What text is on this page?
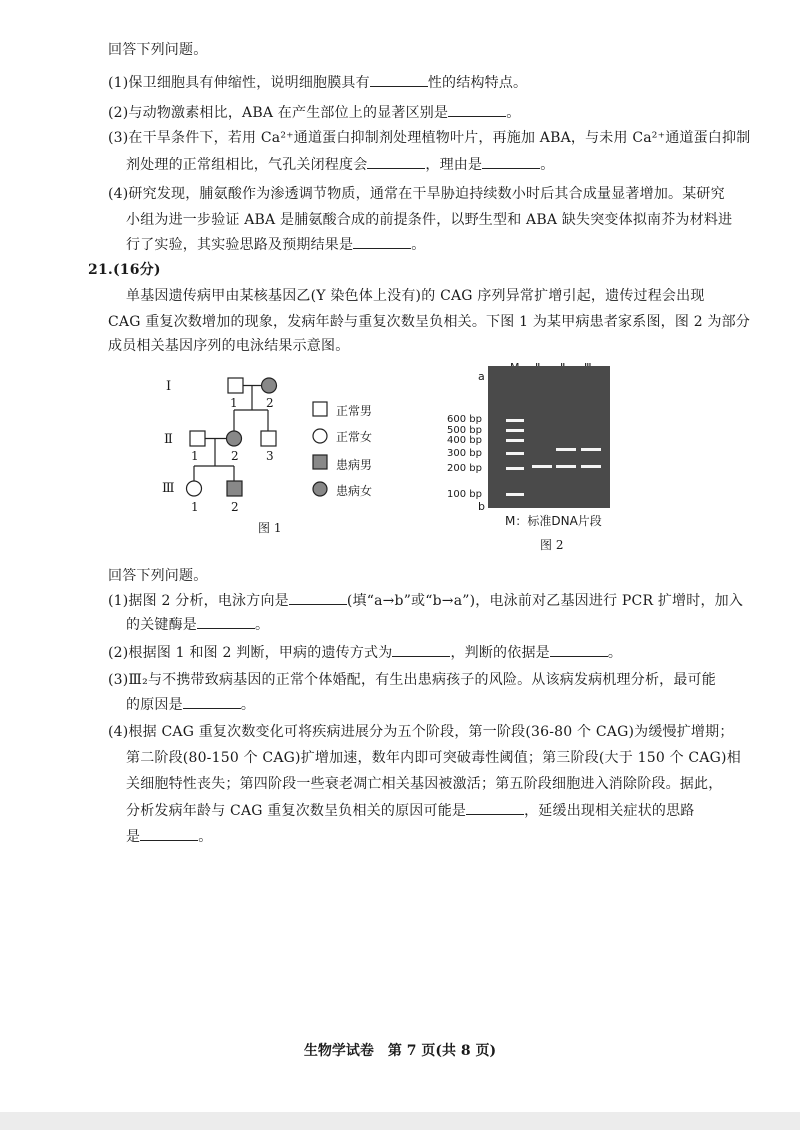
回答下列问题。
(1)保卫细胞具有伸缩性，说明细胞膜具有	性的结构特点。
(2)与动物激素相比，ABA 在产生部位上的显著区别是	。
(3)在干旱条件下，若用 Ca²⁺通道蛋白抑制剂处理植物叶片，再施加 ABA，与未用 Ca²⁺通道蛋白抑制
剂处理的正常组相比，气孔关闭程度会	，理由是	。
(4)研究发现，脯氨酸作为渗透调节物质，通常在干旱胁迫持续数小时后其合成量显著增加。某研究
小组为进一步验证 ABA 是脯氨酸合成的前提条件，以野生型和 ABA 缺失突变体拟南芥为材料进
行了实验，其实验思路及预期结果是	。
21.(16分)
单基因遗传病甲由某核基因乙(Y 染色体上没有)的 CAG 序列异常扩增引起，遗传过程会出现
CAG 重复次数增加的现象，发病年龄与重复次数呈负相关。下图 1 为某甲病患者家系图，图 2 为部分
成员相关基因序列的电泳结果示意图。
Ⅰ
Ⅱ
Ⅲ
1 2
1	2 3
1	2
正常男
正常女
患病男
患病女
图 1
a
b
600 bp
500 bp
400 bp
300 bp
200 bp
100 bp
M：标准DNA片段
图 2
回答下列问题。
(1)据图 2 分析，电泳方向是	(填“a→b”或“b→a”)，电泳前对乙基因进行 PCR 扩增时，加入
的关键酶是	。
(2)根据图 1 和图 2 判断，甲病的遗传方式为	，判断的依据是	。
(3)Ⅲ₂与不携带致病基因的正常个体婚配，有生出患病孩子的风险。从该病发病机理分析，最可能
的原因是	。
(4)根据 CAG 重复次数变化可将疾病进展分为五个阶段，第一阶段(36-80 个 CAG)为缓慢扩增期；
第二阶段(80-150 个 CAG)扩增加速，数年内即可突破毒性阈值；第三阶段(大于 150 个 CAG)相
关细胞特性丧失；第四阶段一些衰老凋亡相关基因被激活；第五阶段细胞进入消除阶段。据此，
分析发病年龄与 CAG 重复次数呈负相关的原因可能是	，延缓出现相关症状的思路
是	。
生物学试卷　第 7 页(共 8 页)
